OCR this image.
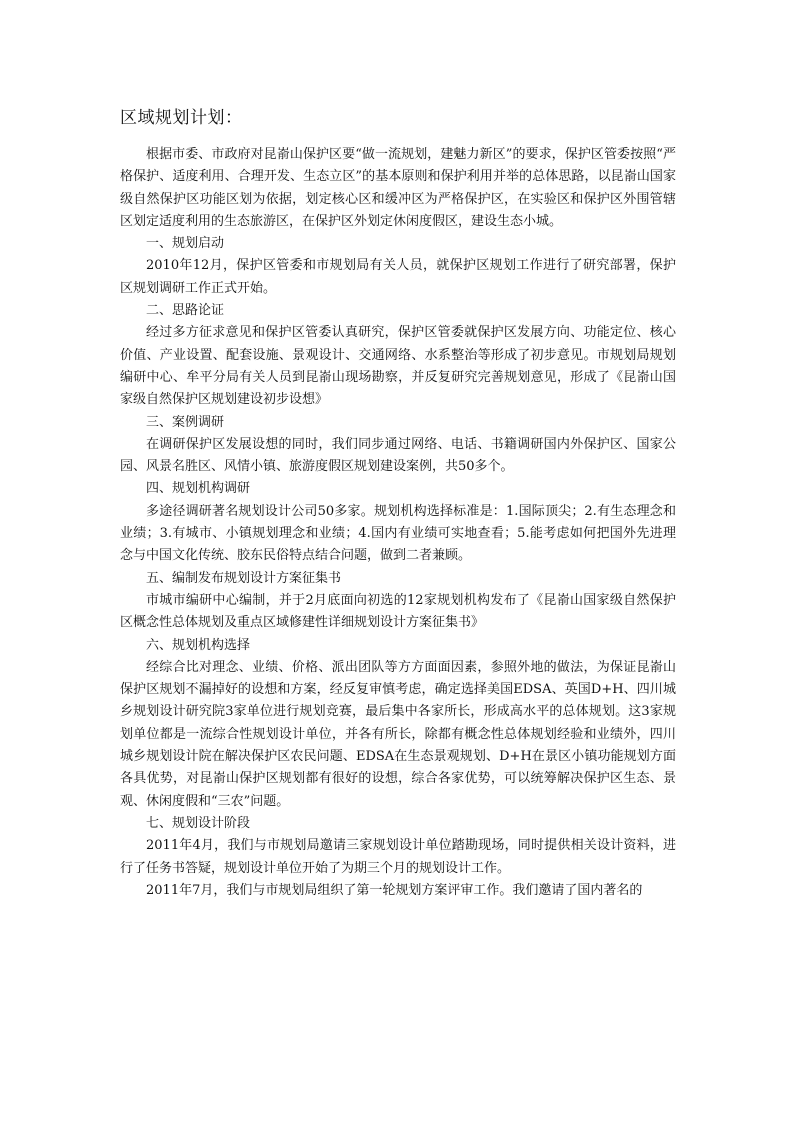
区域规划计划：

根据市委、市政府对昆嵛山保护区要“做一流规划，建魅力新区”的要求，保护区管委按照“严格保护、适度利用、合理开发、生态立区”的基本原则和保护利用并举的总体思路，以昆嵛山国家级自然保护区功能区划为依据，划定核心区和缓冲区为严格保护区，在实验区和保护区外围管辖区划定适度利用的生态旅游区，在保护区外划定休闲度假区，建设生态小城。

一、规划启动

2010年12月，保护区管委和市规划局有关人员，就保护区规划工作进行了研究部署，保护区规划调研工作正式开始。

二、思路论证

经过多方征求意见和保护区管委认真研究，保护区管委就保护区发展方向、功能定位、核心价值、产业设置、配套设施、景观设计、交通网络、水系整治等形成了初步意见。市规划局规划编研中心、牟平分局有关人员到昆嵛山现场勘察，并反复研究完善规划意见，形成了《昆嵛山国家级自然保护区规划建设初步设想》

三、案例调研

在调研保护区发展设想的同时，我们同步通过网络、电话、书籍调研国内外保护区、国家公园、风景名胜区、风情小镇、旅游度假区规划建设案例，共50多个。

四、规划机构调研

多途径调研著名规划设计公司50多家。规划机构选择标准是：1.国际顶尖；2.有生态理念和业绩；3.有城市、小镇规划理念和业绩；4.国内有业绩可实地查看；5.能考虑如何把国外先进理念与中国文化传统、胶东民俗特点结合问题，做到二者兼顾。

五、编制发布规划设计方案征集书

市城市编研中心编制，并于2月底面向初选的12家规划机构发布了《昆嵛山国家级自然保护区概念性总体规划及重点区域修建性详细规划设计方案征集书》

六、规划机构选择

经综合比对理念、业绩、价格、派出团队等方方面面因素，参照外地的做法，为保证昆嵛山保护区规划不漏掉好的设想和方案，经反复审慎考虑，确定选择美国EDSA、英国D+H、四川城乡规划设计研究院3家单位进行规划竞赛，最后集中各家所长，形成高水平的总体规划。这3家规划单位都是一流综合性规划设计单位，并各有所长，除都有概念性总体规划经验和业绩外，四川城乡规划设计院在解决保护区农民问题、EDSA在生态景观规划、D+H在景区小镇功能规划方面各具优势，对昆嵛山保护区规划都有很好的设想，综合各家优势，可以统筹解决保护区生态、景观、休闲度假和“三农”问题。

七、规划设计阶段

2011年4月，我们与市规划局邀请三家规划设计单位踏勘现场，同时提供相关设计资料，进行了任务书答疑，规划设计单位开始了为期三个月的规划设计工作。

2011年7月，我们与市规划局组织了第一轮规划方案评审工作。我们邀请了国内著名的
